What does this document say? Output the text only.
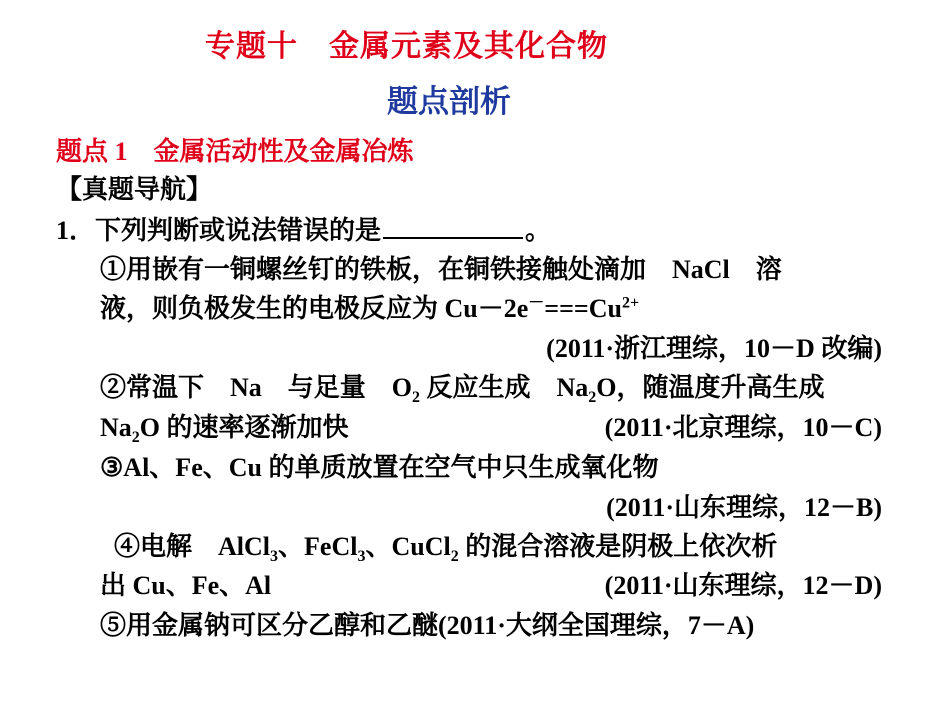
专题十　金属元素及其化合物
题点剖析
题点 1　金属活动性及金属冶炼
【真题导航】
1．下列判断或说法错误的是	。
①用嵌有一铜螺丝钉的铁板，在铜铁接触处滴加　NaCl　溶
液，则负极发生的电极反应为 $Cu-2e^-===Cu^{2+}$
(2011·浙江理综，10－D 改编)
②常温下　Na　与足量　$O_2$ 反应生成　$Na_2O$，随温度升高生成
$Na_2O$ 的速率逐渐加快	(2011·北京理综，10－C)
③Al、Fe、Cu 的单质放置在空气中只生成氧化物
(2011·山东理综，12－B)
④电解　AlCl$_3$、FeCl$_3$、CuCl$_2$ 的混合溶液是阴极上依次析
出 Cu、Fe、Al	(2011·山东理综，12－D)
⑤用金属钠可区分乙醇和乙醚(2011·大纲全国理综，7－A)
